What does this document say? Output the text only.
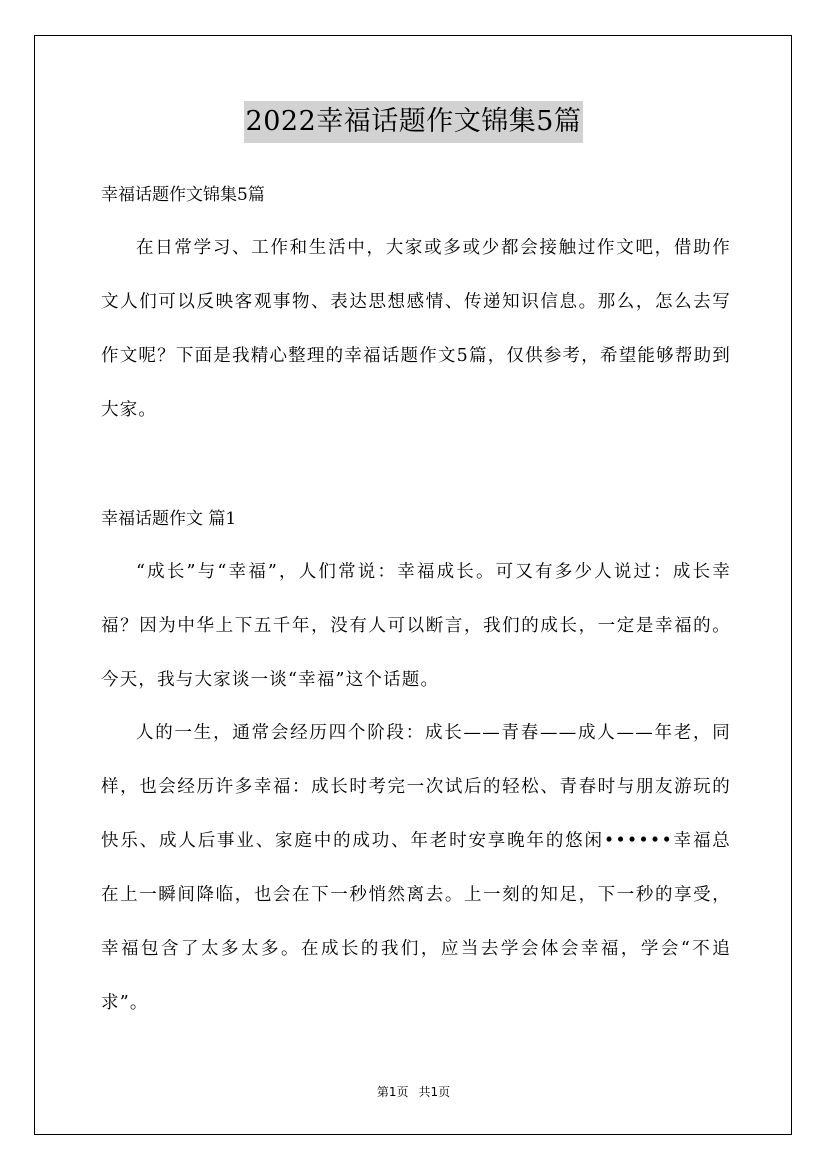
2022幸福话题作文锦集5篇
幸福话题作文锦集5篇

在日常学习、工作和生活中，大家或多或少都会接触过作文吧，借助作文人们可以反映客观事物、表达思想感情、传递知识信息。那么，怎么去写作文呢？下面是我精心整理的幸福话题作文5篇，仅供参考，希望能够帮助到大家。

幸福话题作文 篇1

“成长”与“幸福”，人们常说：幸福成长。可又有多少人说过：成长幸福？因为中华上下五千年，没有人可以断言，我们的成长，一定是幸福的。今天，我与大家谈一谈“幸福”这个话题。

人的一生，通常会经历四个阶段：成长——青春——成人——年老，同样，也会经历许多幸福：成长时考完一次试后的轻松、青春时与朋友游玩的快乐、成人后事业、家庭中的成功、年老时安享晚年的悠闲••••••幸福总在上一瞬间降临，也会在下一秒悄然离去。上一刻的知足，下一秒的享受，幸福包含了太多太多。在成长的我们，应当去学会体会幸福，学会“不追求”。

第1页 共1页
